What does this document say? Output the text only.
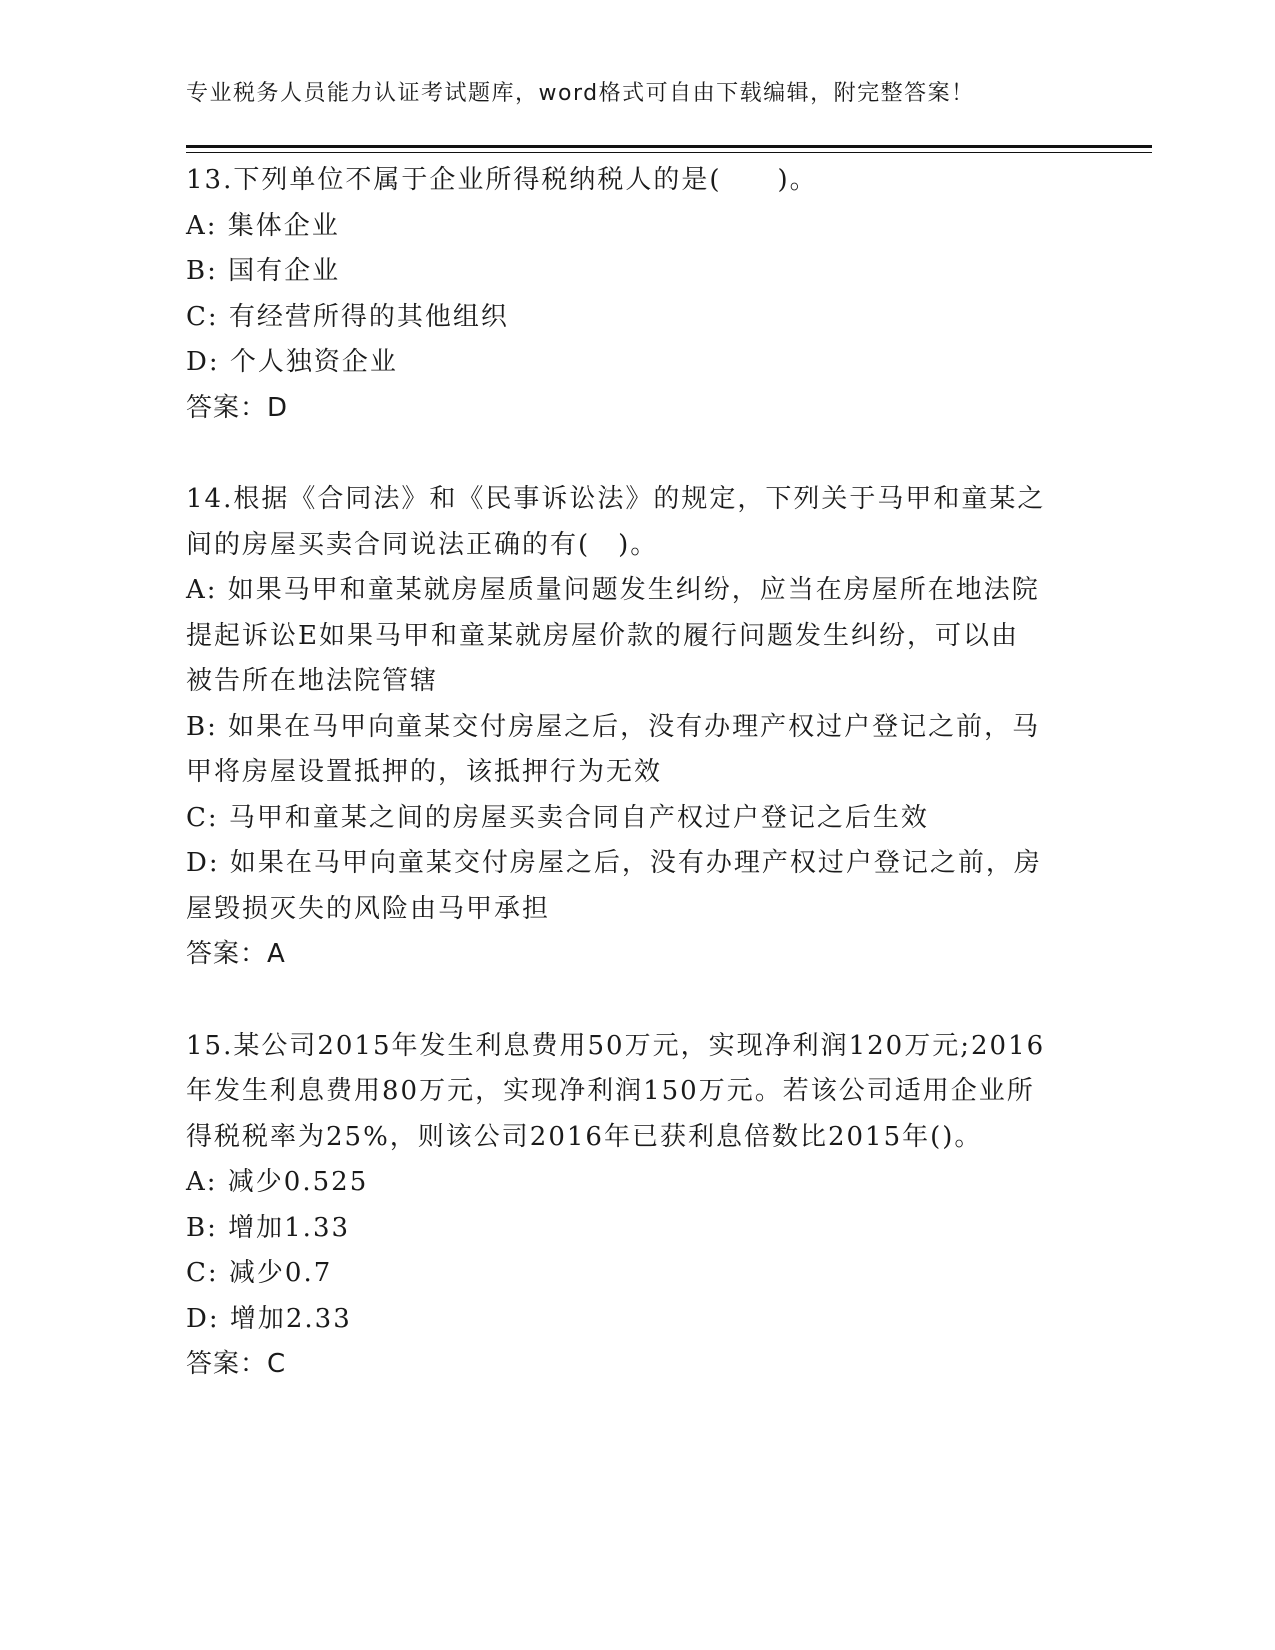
专业税务人员能力认证考试题库，word格式可自由下载编辑，附完整答案！
13.下列单位不属于企业所得税纳税人的是(　　)。
A: 集体企业
B: 国有企业
C: 有经营所得的其他组织
D: 个人独资企业
答案：D
14.根据《合同法》和《民事诉讼法》的规定，下列关于马甲和童某之
间的房屋买卖合同说法正确的有(　)。
A: 如果马甲和童某就房屋质量问题发生纠纷，应当在房屋所在地法院
提起诉讼E如果马甲和童某就房屋价款的履行问题发生纠纷，可以由
被告所在地法院管辖
B: 如果在马甲向童某交付房屋之后，没有办理产权过户登记之前，马
甲将房屋设置抵押的，该抵押行为无效
C: 马甲和童某之间的房屋买卖合同自产权过户登记之后生效
D: 如果在马甲向童某交付房屋之后，没有办理产权过户登记之前，房
屋毁损灭失的风险由马甲承担
答案：A
15.某公司2015年发生利息费用50万元，实现净利润120万元;2016
年发生利息费用80万元，实现净利润150万元。若该公司适用企业所
得税税率为25%，则该公司2016年已获利息倍数比2015年()。
A: 减少0.525
B: 增加1.33
C: 减少0.7
D: 增加2.33
答案：C
